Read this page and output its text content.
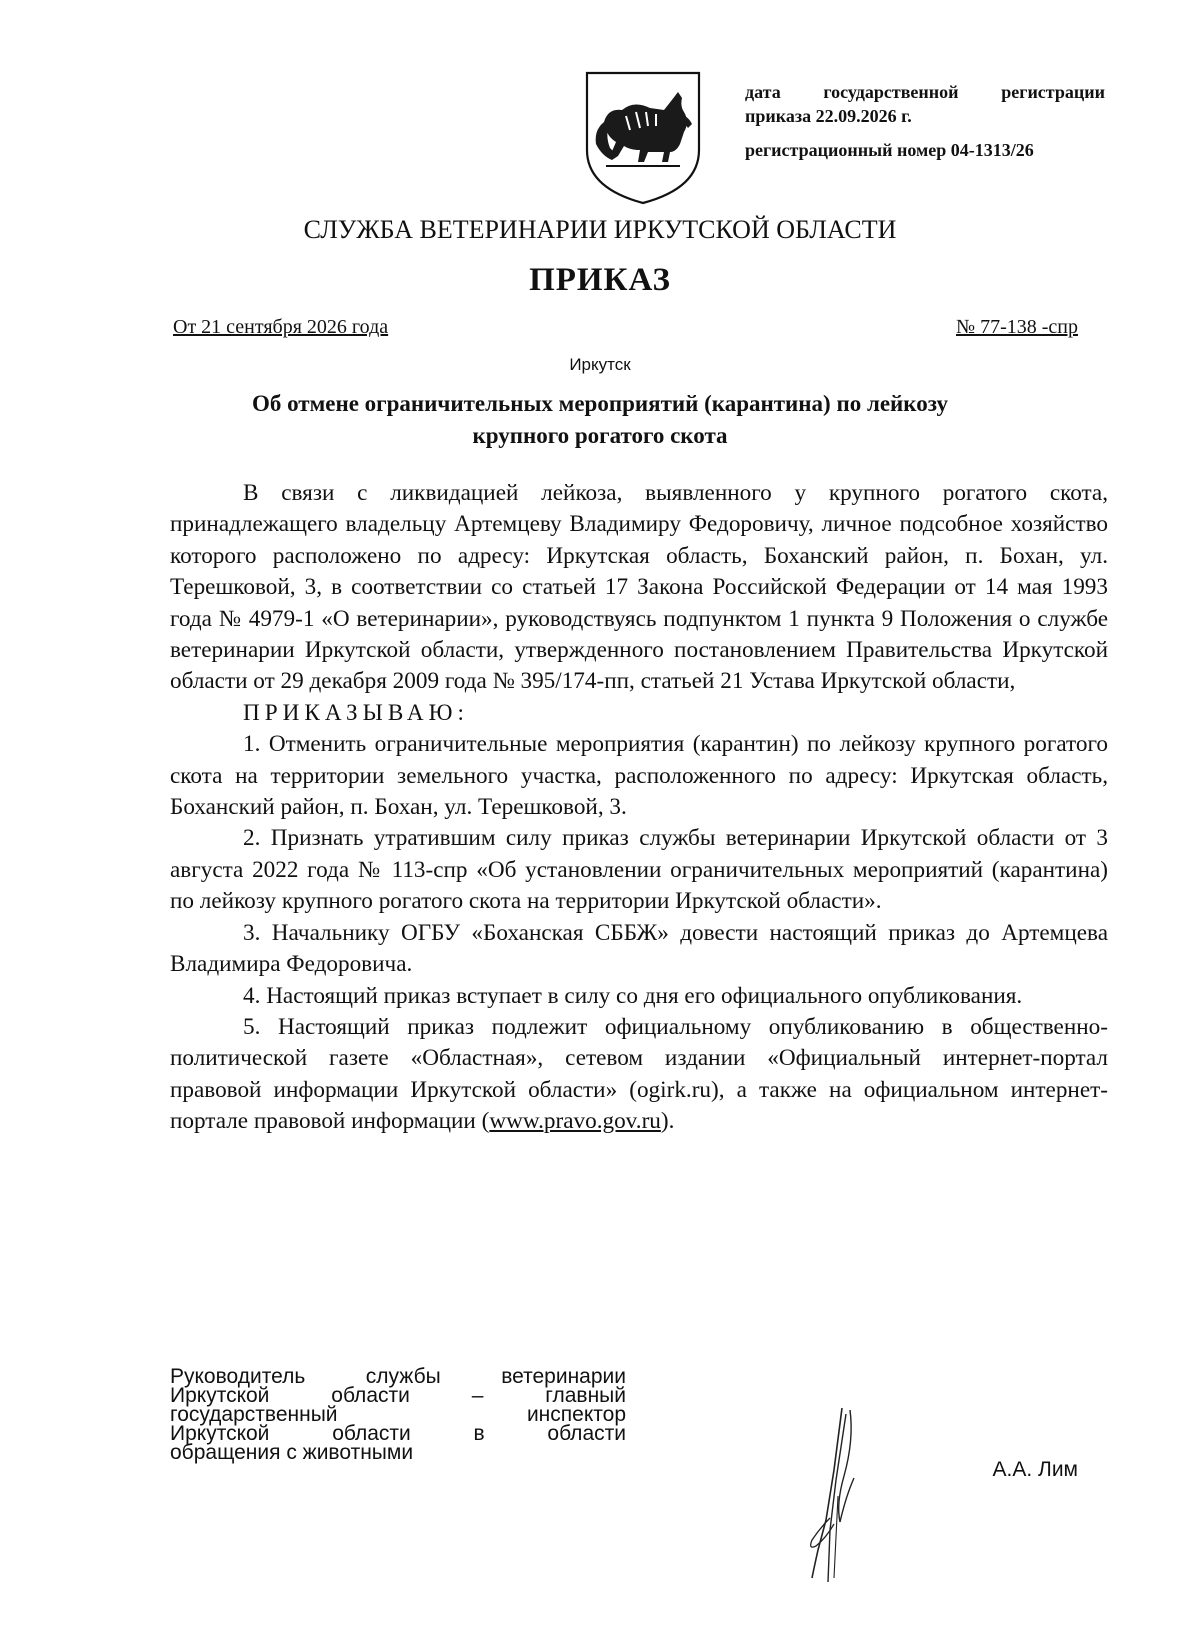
дата государственной регистрации
приказа 22.09.2026 г.
регистрационный номер 04-1313/26
СЛУЖБА ВЕТЕРИНАРИИ ИРКУТСКОЙ ОБЛАСТИ
ПРИКАЗ
От 21 сентября 2026 года	№ 77-138 -спр
Иркутск
Об отмене ограничительных мероприятий (карантина) по лейкозу
крупного рогатого скота

В связи с ликвидацией лейкоза, выявленного у крупного рогатого скота, принадлежащего владельцу Артемцеву Владимиру Федоровичу, личное подсобное хозяйство которого расположено по адресу: Иркутская область, Боханский район, п. Бохан, ул. Терешковой, 3, в соответствии со статьей 17 Закона Российской Федерации от 14 мая 1993 года № 4979-1 «О ветеринарии», руководствуясь подпунктом 1 пункта 9 Положения о службе ветеринарии Иркутской области, утвержденного постановлением Правительства Иркутской области от 29 декабря 2009 года № 395/174-пп, статьей 21 Устава Иркутской области,

ПРИКАЗЫВАЮ:

1. Отменить ограничительные мероприятия (карантин) по лейкозу крупного рогатого скота на территории земельного участка, расположенного по адресу: Иркутская область, Боханский район, п. Бохан, ул. Терешковой, 3.

2. Признать утратившим силу приказ службы ветеринарии Иркутской области от 3 августа 2022 года № 113-спр «Об установлении ограничительных мероприятий (карантина) по лейкозу крупного рогатого скота на территории Иркутской области».

3. Начальнику ОГБУ «Боханская СББЖ» довести настоящий приказ до Артемцева Владимира Федоровича.

4. Настоящий приказ вступает в силу со дня его официального опубликования.

5. Настоящий приказ подлежит официальному опубликованию в общественно-политической газете «Областная», сетевом издании «Официальный интернет-портал правовой информации Иркутской области» (ogirk.ru), а также на официальном интернет-портале правовой информации (www.pravo.gov.ru).

Руководитель	службы	ветеринарии
Иркутской	области	–	главный
государственный	инспектор
Иркутской	области	в	области
обращения с животными
А.А. Лим
